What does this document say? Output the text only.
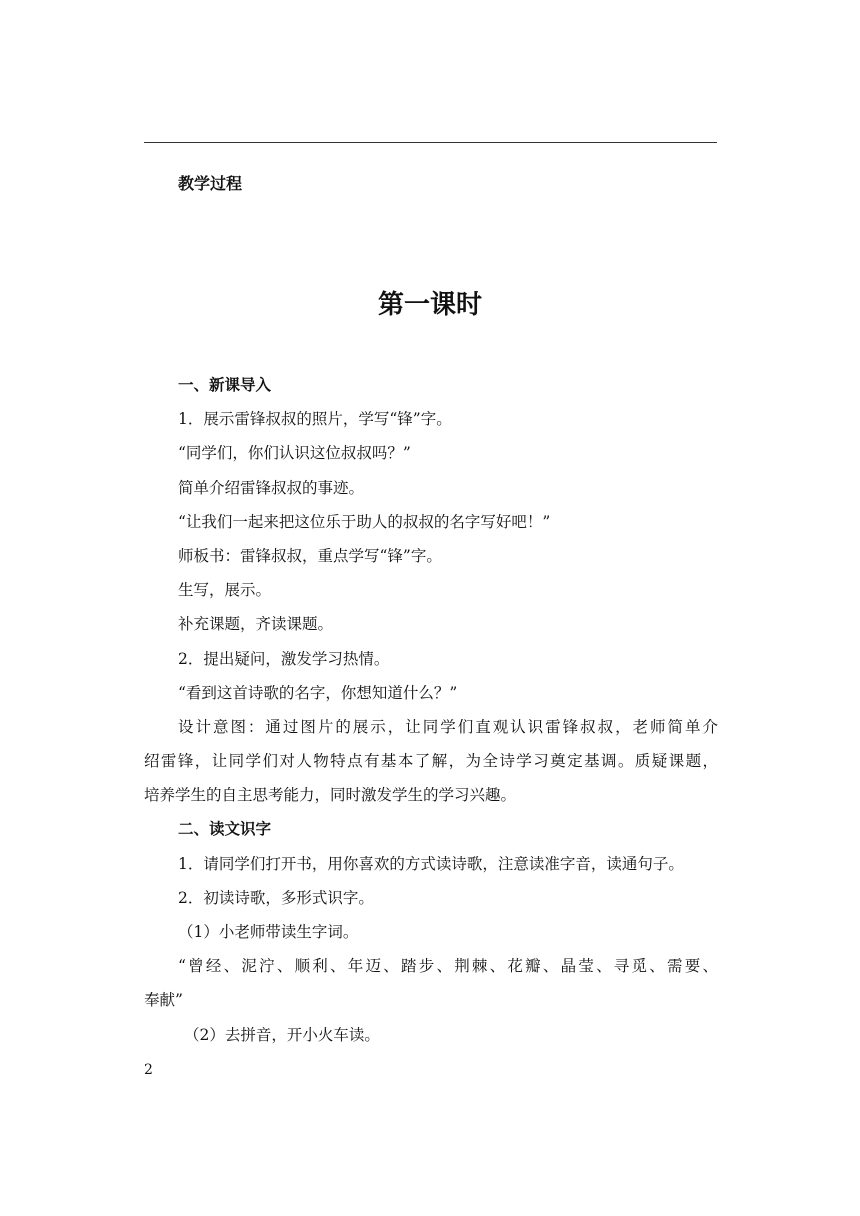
教学过程
第一课时
一、新课导入
1．展示雷锋叔叔的照片，学写“锋”字。
“同学们，你们认识这位叔叔吗？”
简单介绍雷锋叔叔的事迹。
“让我们一起来把这位乐于助人的叔叔的名字写好吧！”
师板书：雷锋叔叔，重点学写“锋”字。
生写，展示。
补充课题，齐读课题。
2．提出疑问，激发学习热情。
“看到这首诗歌的名字，你想知道什么？”
设计意图：通过图片的展示，让同学们直观认识雷锋叔叔，老师简单介
绍雷锋，让同学们对人物特点有基本了解，为全诗学习奠定基调。质疑课题，
培养学生的自主思考能力，同时激发学生的学习兴趣。
二、读文识字
1．请同学们打开书，用你喜欢的方式读诗歌，注意读准字音，读通句子。
2．初读诗歌，多形式识字。
（1）小老师带读生字词。
“曾经、泥泞、顺利、年迈、踏步、荆棘、花瓣、晶莹、寻觅、需要、
奉献”
（2）去拼音，开小火车读。
2
